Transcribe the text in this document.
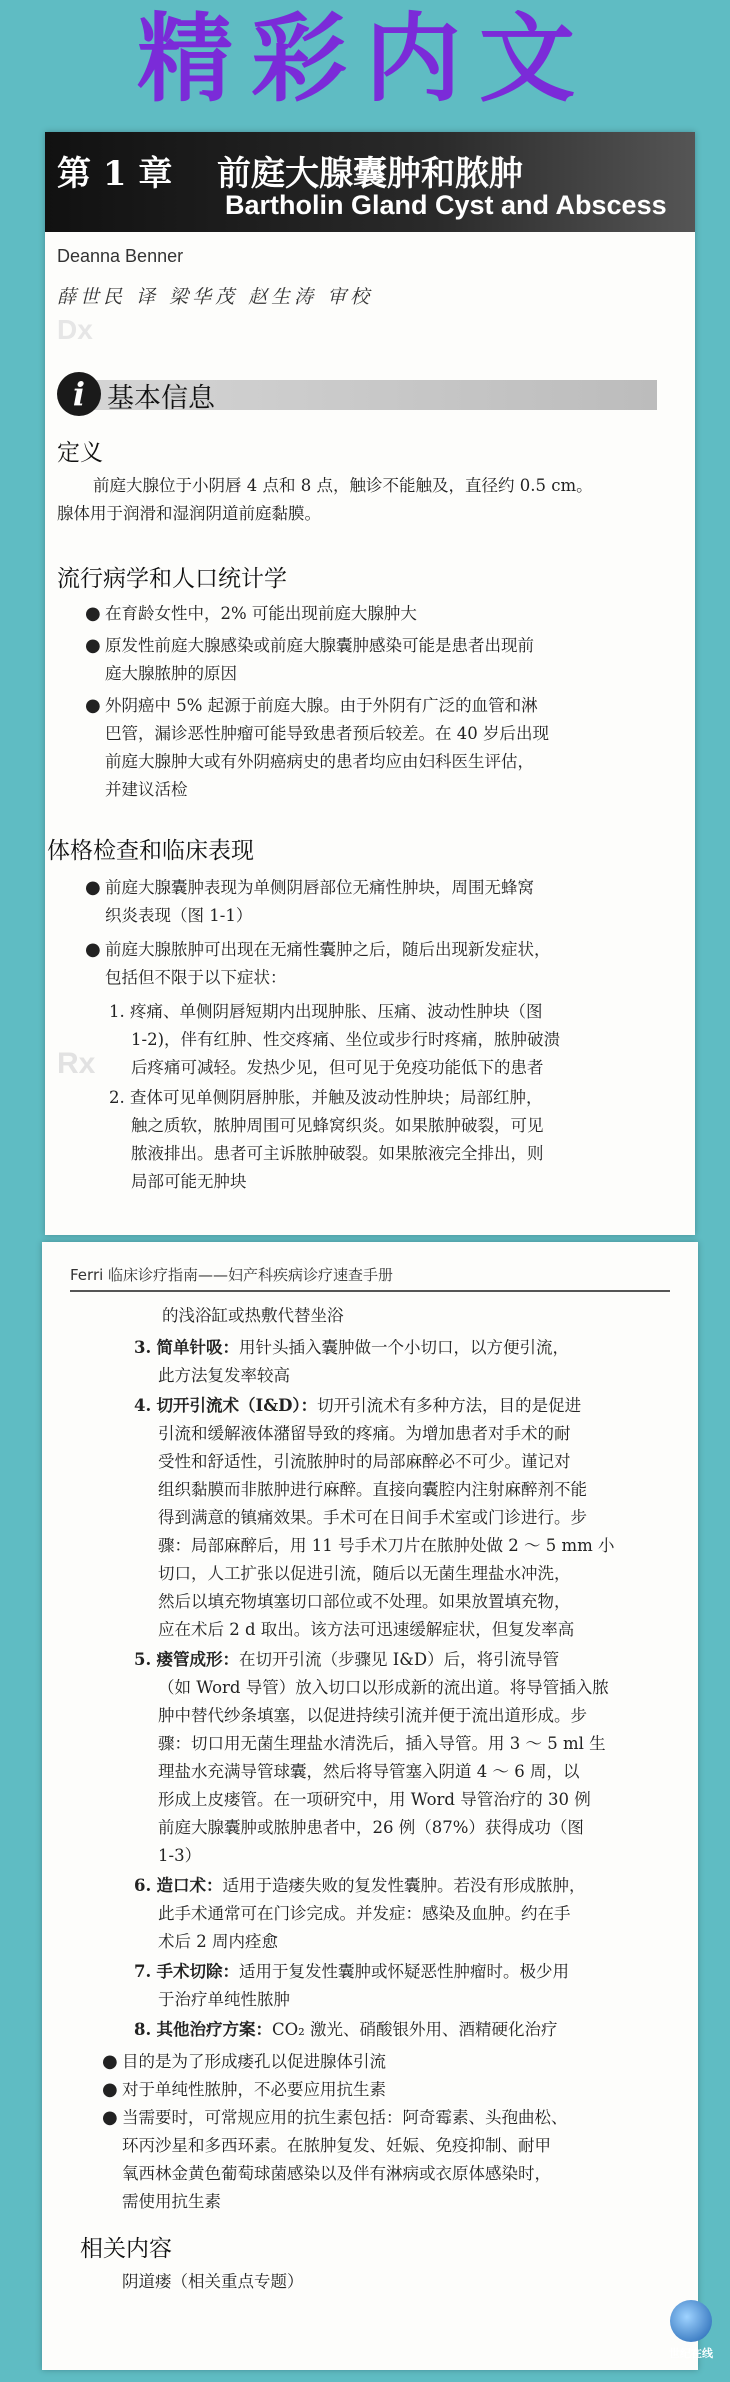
精彩内文
第 1 章 前庭大腺囊肿和脓肿
Bartholin Gland Cyst and Abscess
Deanna Benner
薛世民 译 梁华茂 赵生涛 审校
Dx
i 基本信息
定义
前庭大腺位于小阴唇 4 点和 8 点，触诊不能触及，直径约 0.5 cm。
腺体用于润滑和湿润阴道前庭黏膜。
流行病学和人口统计学
● 在育龄女性中，2% 可能出现前庭大腺肿大
● 原发性前庭大腺感染或前庭大腺囊肿感染可能是患者出现前
庭大腺脓肿的原因
● 外阴癌中 5% 起源于前庭大腺。由于外阴有广泛的血管和淋
巴管，漏诊恶性肿瘤可能导致患者预后较差。在 40 岁后出现
前庭大腺肿大或有外阴癌病史的患者均应由妇科医生评估，
并建议活检
体格检查和临床表现
● 前庭大腺囊肿表现为单侧阴唇部位无痛性肿块，周围无蜂窝
织炎表现（图 1-1）
● 前庭大腺脓肿可出现在无痛性囊肿之后，随后出现新发症状，
包括但不限于以下症状：
Rx
1. 疼痛、单侧阴唇短期内出现肿胀、压痛、波动性肿块（图
1-2)，伴有红肿、性交疼痛、坐位或步行时疼痛，脓肿破溃
后疼痛可减轻。发热少见，但可见于免疫功能低下的患者
2. 查体可见单侧阴唇肿胀，并触及波动性肿块；局部红肿，
触之质软，脓肿周围可见蜂窝织炎。如果脓肿破裂，可见
脓液排出。患者可主诉脓肿破裂。如果脓液完全排出，则
局部可能无肿块
Ferri 临床诊疗指南——妇产科疾病诊疗速查手册
的浅浴缸或热敷代替坐浴
3. 简单针吸：用针头插入囊肿做一个小切口，以方便引流，
此方法复发率较高
4. 切开引流术（I&D）：切开引流术有多种方法，目的是促进
引流和缓解液体潴留导致的疼痛。为增加患者对手术的耐
受性和舒适性，引流脓肿时的局部麻醉必不可少。谨记对
组织黏膜而非脓肿进行麻醉。直接向囊腔内注射麻醉剂不能
得到满意的镇痛效果。手术可在日间手术室或门诊进行。步
骤：局部麻醉后，用 11 号手术刀片在脓肿处做 2 ～ 5 mm 小
切口，人工扩张以促进引流，随后以无菌生理盐水冲洗，
然后以填充物填塞切口部位或不处理。如果放置填充物，
应在术后 2 d 取出。该方法可迅速缓解症状，但复发率高
5. 瘘管成形：在切开引流（步骤见 I&D）后，将引流导管
（如 Word 导管）放入切口以形成新的流出道。将导管插入脓
肿中替代纱条填塞，以促进持续引流并便于流出道形成。步
骤：切口用无菌生理盐水清洗后，插入导管。用 3 ～ 5 ml 生
理盐水充满导管球囊，然后将导管塞入阴道 4 ～ 6 周，以
形成上皮瘘管。在一项研究中，用 Word 导管治疗的 30 例
前庭大腺囊肿或脓肿患者中，26 例（87%）获得成功（图
1-3）
6. 造口术：适用于造瘘失败的复发性囊肿。若没有形成脓肿，
此手术通常可在门诊完成。并发症：感染及血肿。约在手
术后 2 周内痊愈
7. 手术切除：适用于复发性囊肿或怀疑恶性肿瘤时。极少用
于治疗单纯性脓肿
8. 其他治疗方案：CO₂ 激光、硝酸银外用、酒精硬化治疗
● 目的是为了形成瘘孔以促进腺体引流
● 对于单纯性脓肿，不必要应用抗生素
● 当需要时，可常规应用的抗生素包括：阿奇霉素、头孢曲松、
环丙沙星和多西环素。在脓肿复发、妊娠、免疫抑制、耐甲
氧西林金黄色葡萄球菌感染以及伴有淋病或衣原体感染时，
需使用抗生素
相关内容
阴道瘘（相关重点专题）
世纪在线
